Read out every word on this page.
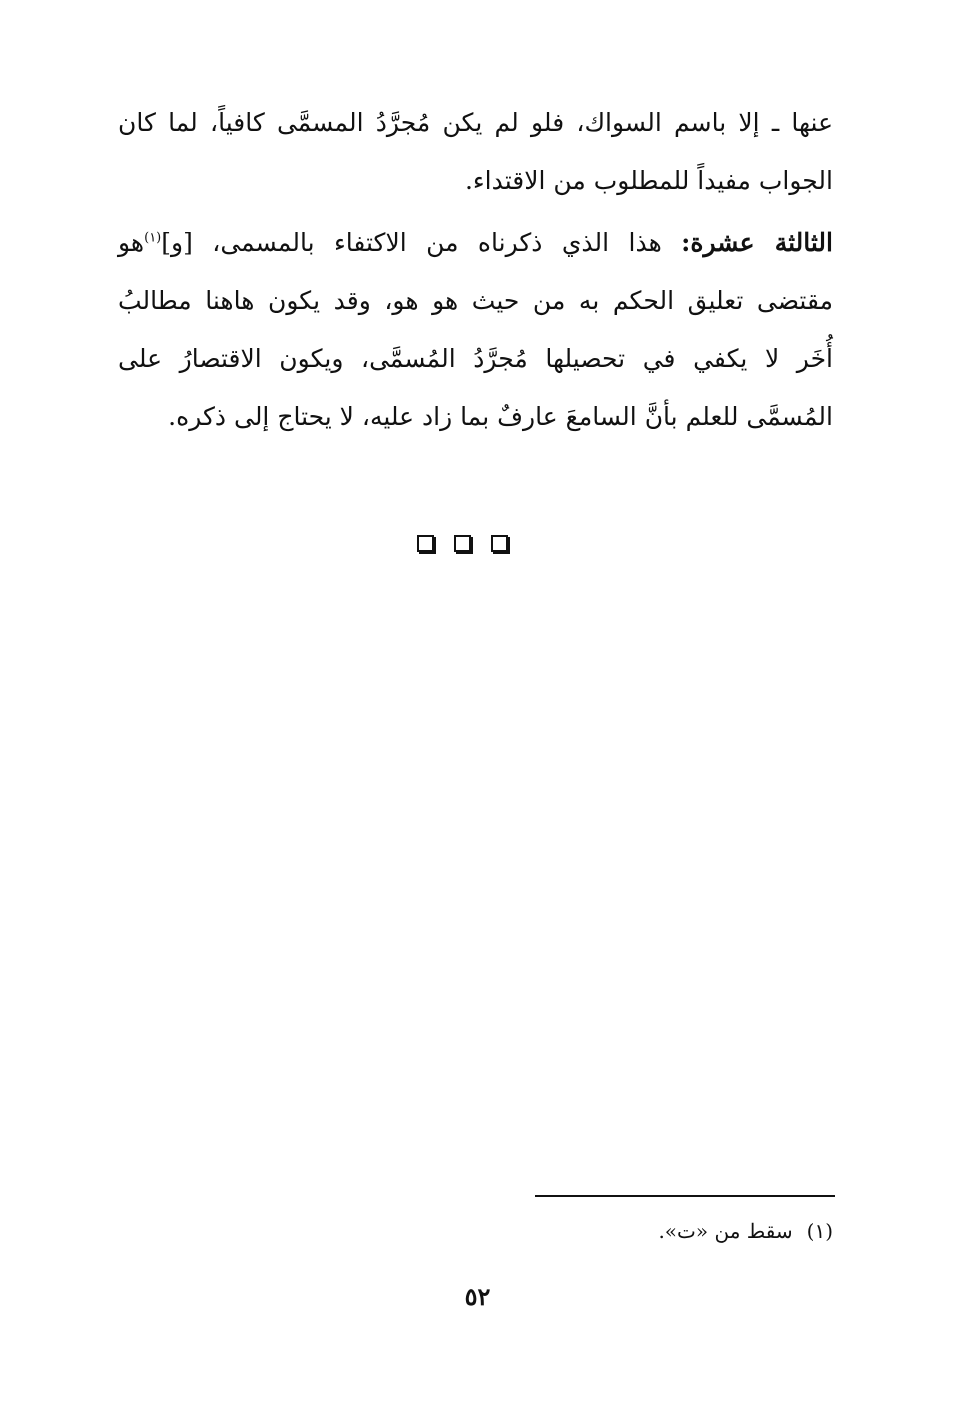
عنها ـ إلا باسم السواك، فلو لم يكن مُجرَّدُ المسمَّى كافياً، لما كان
الجواب مفيداً للمطلوب من الاقتداء.
الثالثة عشرة: هذا الذي ذكرناه من الاكتفاء بالمسمى، [و]$^{(١)}$هو
مقتضى تعليق الحكم به من حيث هو هو، وقد يكون هاهنا مطالبُ
أُخَر لا يكفي في تحصيلها مُجرَّدُ المُسمَّى، ويكون الاقتصارُ على
المُسمَّى للعلم بأنَّ السامعَ عارفٌ بما زاد عليه، لا يحتاج إلى ذكره.
(١)سقط من «ت».
٥٢
